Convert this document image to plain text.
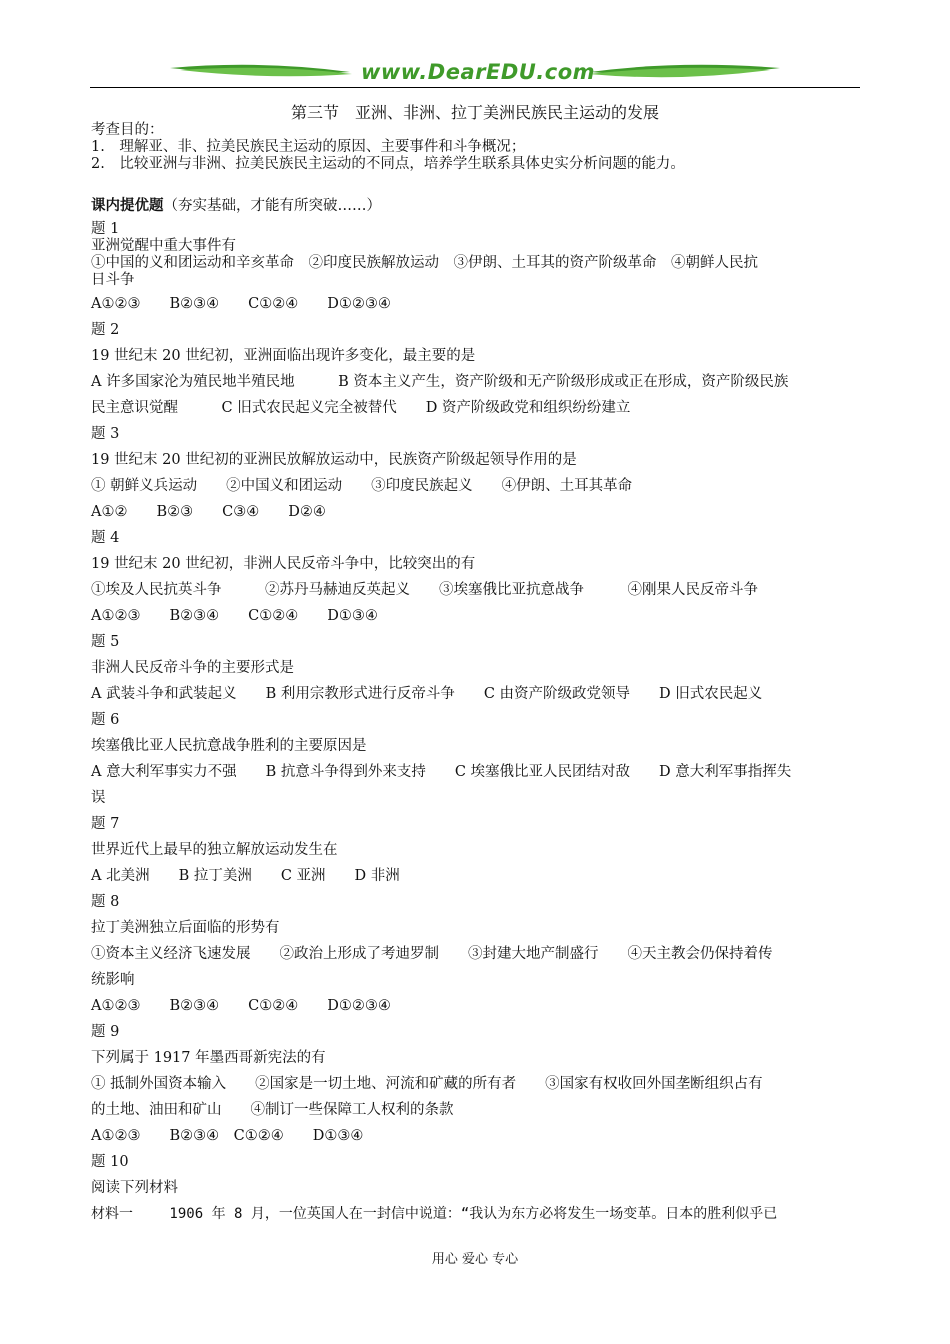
www.DearEDU.com
第三节　亚洲、非洲、拉丁美洲民族民主运动的发展
考查目的：
1.　理解亚、非、拉美民族民主运动的原因、主要事件和斗争概况；
2.　比较亚洲与非洲、拉美民族民主运动的不同点，培养学生联系具体史实分析问题的能力。
课内提优题（夯实基础，才能有所突破……）
题 1
亚洲觉醒中重大事件有
①中国的义和团运动和辛亥革命　②印度民族解放运动　③伊朗、土耳其的资产阶级革命　④朝鲜人民抗
日斗争
A①②③　　B②③④　　C①②④　　D①②③④
题 2
19 世纪末 20 世纪初，亚洲面临出现许多变化，最主要的是
A 许多国家沦为殖民地半殖民地　　　B 资本主义产生，资产阶级和无产阶级形成或正在形成，资产阶级民族
民主意识觉醒　　　C 旧式农民起义完全被替代　　D 资产阶级政党和组织纷纷建立
题 3
19 世纪末 20 世纪初的亚洲民放解放运动中，民族资产阶级起领导作用的是
① 朝鲜义兵运动　　②中国义和团运动　　③印度民族起义　　④伊朗、土耳其革命
A①②　　B②③　　C③④　　D②④
题 4
19 世纪末 20 世纪初，非洲人民反帝斗争中，比较突出的有
①埃及人民抗英斗争　　　②苏丹马赫迪反英起义　　③埃塞俄比亚抗意战争　　　④刚果人民反帝斗争
A①②③　　B②③④　　C①②④　　D①③④
题 5
非洲人民反帝斗争的主要形式是
A 武装斗争和武装起义　　B 利用宗教形式进行反帝斗争　　C 由资产阶级政党领导　　D 旧式农民起义
题 6
埃塞俄比亚人民抗意战争胜利的主要原因是
A 意大利军事实力不强　　B 抗意斗争得到外来支持　　C 埃塞俄比亚人民团结对敌　　D 意大利军事指挥失
误
题 7
世界近代上最早的独立解放运动发生在
A 北美洲　　B 拉丁美洲　　C 亚洲　　D 非洲
题 8
拉丁美洲独立后面临的形势有
①资本主义经济飞速发展　　②政治上形成了考迪罗制　　③封建大地产制盛行　　④天主教会仍保持着传
统影响
A①②③　　B②③④　　C①②④　　D①②③④
题 9
下列属于 1917 年墨西哥新宪法的有
① 抵制外国资本输入　　②国家是一切土地、河流和矿藏的所有者　　③国家有权收回外国垄断组织占有
的土地、油田和矿山　　④制订一些保障工人权利的条款
A①②③　　B②③④　C①②④　　D①③④
题 10
阅读下列材料
材料一　　 1906 年 8 月，一位英国人在一封信中说道：“我认为东方必将发生一场变革。日本的胜利似乎已
用心 爱心 专心
